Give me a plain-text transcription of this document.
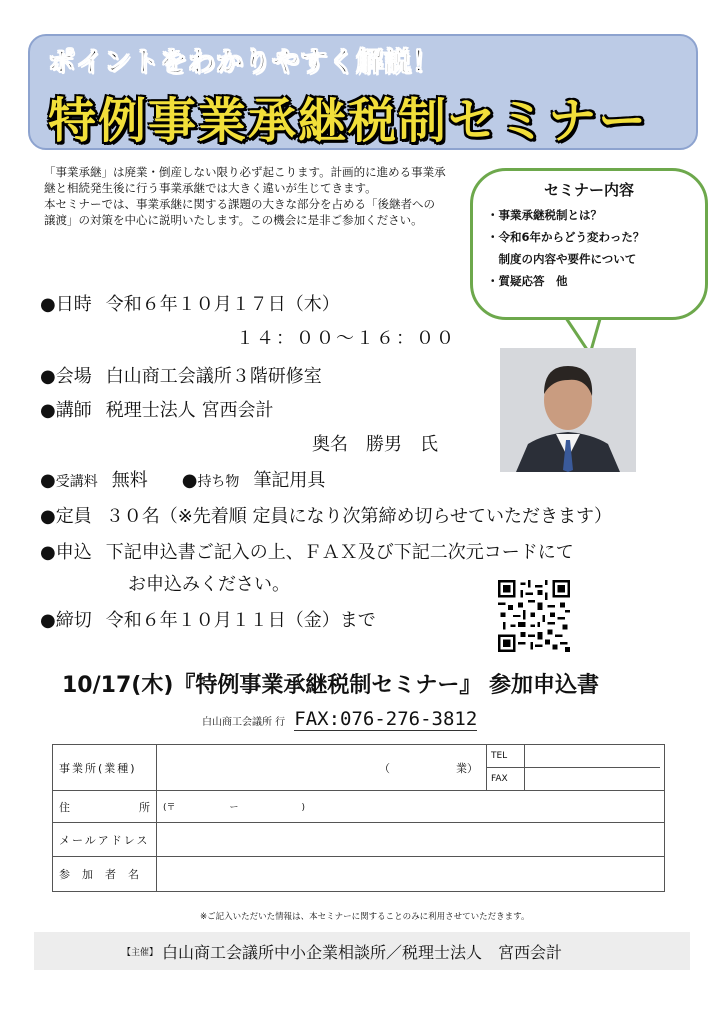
ポイントをわかりやすく解説！
特例事業承継税制セミナー

「事業承継」は廃業・倒産しない限り必ず起こります。計画的に進める事業承継と相続発生後に行う事業承継では大きく違いが生じてきます。

本セミナーでは、事業承継に関する課題の大きな部分を占める「後継者への譲渡」の対策を中心に説明いたします。この機会に是非ご参加ください。

セミナー内容
・事業承継税制とは？
・令和6年からどう変わった？
　制度の内容や要件について
・質疑応答　他
●日時 令和６年１０月１７日（木）
１４：００～１６：００
●会場 白山商工会議所３階研修室
●講師 税理士法人 宮西会計
奥名　勝男　氏
●受講料 無料 ●持ち物 筆記用具
●定員 ３０名（※先着順 定員になり次第締め切らせていただきます）
●申込 下記申込書ご記入の上、ＦＡＸ及び下記二次元コードにて
お申込みください。
●締切 令和６年１０月１１日（金）まで
10/17(木)『特例事業承継税制セミナー』 参加申込書
白山商工会議所 行 FAX:076-276-3812
事業所(業種)	（　　　　　　業）
TEL
FAX
住	所 (〒　　　　　　ー　　　　　　　)
メールアドレス
参加者名
※ご記入いただいた情報は、本セミナーに関することのみに利用させていただきます。
【主催】 白山商工会議所中小企業相談所／税理士法人　宮西会計
